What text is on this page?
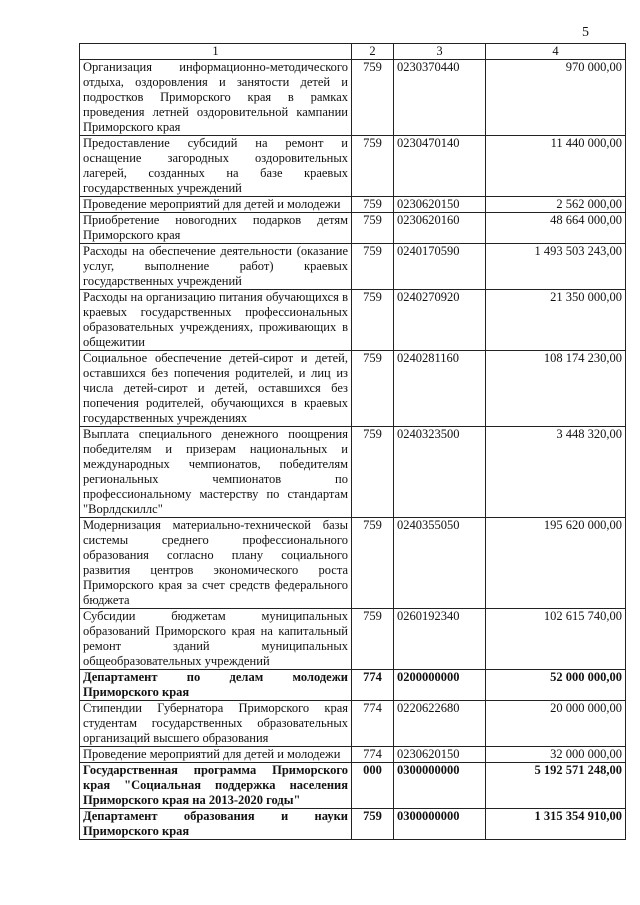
5
1	2	3	4
Организация информационно-методического отдыха, оздоровления и занятости детей и подростков Приморского края в рамках проведения летней оздоровительной кампании Приморского края	759	0230370440	970 000,00
Предоставление субсидий на ремонт и оснащение загородных оздоровительных лагерей, созданных на базе краевых государственных учреждений	759	0230470140	11 440 000,00
Проведение мероприятий для детей и молодежи	759	0230620150	2 562 000,00
Приобретение новогодних подарков детям Приморского края	759	0230620160	48 664 000,00
Расходы на обеспечение деятельности (оказание услуг, выполнение работ) краевых государственных учреждений	759	0240170590	1 493 503 243,00
Расходы на организацию питания обучающихся в краевых государственных профессиональных образовательных учреждениях, проживающих в общежитии	759	0240270920	21 350 000,00
Социальное обеспечение детей-сирот и детей, оставшихся без попечения родителей, и лиц из числа детей-сирот и детей, оставшихся без попечения родителей, обучающихся в краевых государственных учреждениях	759	0240281160	108 174 230,00
Выплата специального денежного поощрения победителям и призерам национальных и международных чемпионатов, победителям региональных чемпионатов по профессиональному мастерству по стандартам "Ворлдскиллс"	759	0240323500	3 448 320,00
Модернизация материально-технической базы системы среднего профессионального образования согласно плану социального развития центров экономического роста Приморского края за счет средств федерального бюджета	759	0240355050	195 620 000,00
Субсидии бюджетам муниципальных образований Приморского края на капитальный ремонт зданий муниципальных общеобразовательных учреждений	759	0260192340	102 615 740,00
Департамент по делам молодежи Приморского края	774	0200000000	52 000 000,00
Стипендии Губернатора Приморского края студентам государственных образовательных организаций высшего образования	774	0220622680	20 000 000,00
Проведение мероприятий для детей и молодежи	774	0230620150	32 000 000,00
Государственная программа Приморского края "Социальная поддержка населения Приморского края на 2013-2020 годы"	000	0300000000	5 192 571 248,00
Департамент образования и науки Приморского края	759	0300000000	1 315 354 910,00
